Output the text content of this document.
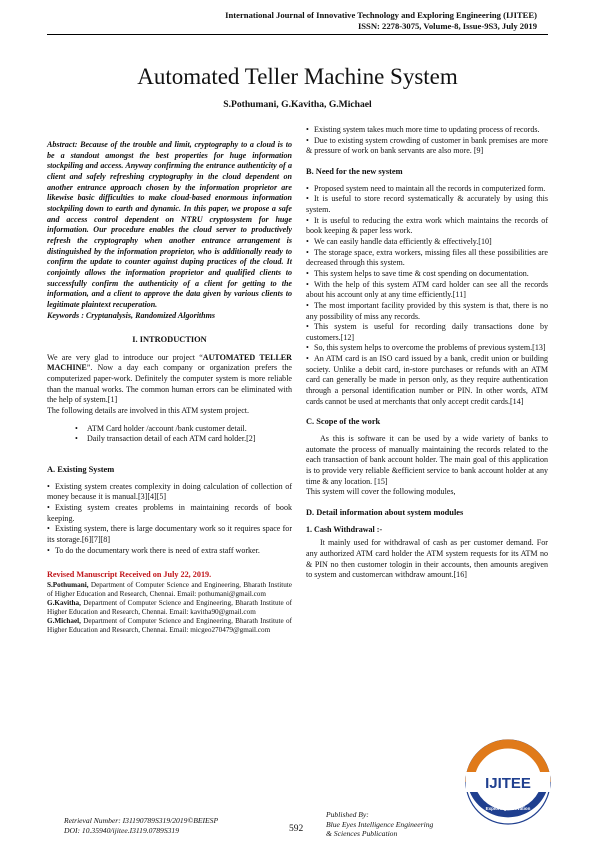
International Journal of Innovative Technology and Exploring Engineering (IJITEE)
ISSN: 2278-3075, Volume-8, Issue-9S3, July 2019
Automated Teller Machine System
S.Pothumani, G.Kavitha, G.Michael

Abstract: Because of the trouble and limit, cryptography to a cloud is to be a standout amongst the best properties for huge information stockpiling and access. Anyway confirming the entrance authenticity of a client and safely refreshing cryptography in the cloud dependent on another entrance approach chosen by the information proprietor are likewise basic difficulties to make cloud-based enormous information stockpiling down to earth and dynamic. In this paper, we propose a safe and access control dependent on NTRU cryptosystem for huge information. Our procedure enables the cloud server to productively refresh the cryptography when another entrance arrangement is distinguished by the information proprietor, who is additionally ready to confirm the update to counter against duping practices of the cloud. It conjointly allows the information proprietor and qualified clients to successfully confirm the authenticity of a client for getting to the information, and a client to approve the data given by various clients to legitimate plaintext recuperation.

Keywords : Cryptanalysis, Randomized Algorithms

I. INTRODUCTION

We are very glad to introduce our project “AUTOMATED TELLER MACHINE”. Now a day each company or organization prefers the computerized paper-work. Definitely the computer system is more reliable than the manual works. The common human errors can be eliminated with the help of system.[1]

The following details are involved in this ATM system project.

• ATM Card holder /account /bank customer detail.
• Daily transaction detail of each ATM card holder.[2]
A. Existing System

• Existing system creates complexity in doing calculation of collection of money because it is manual.[3][4][5]

• Existing system creates problems in maintaining records of book keeping.

• Existing system, there is large documentary work so it requires space for its storage.[6][7][8]

• To do the documentary work there is need of extra staff worker.

Revised Manuscript Received on July 22, 2019.

S.Pothumani, Department of Computer Science and Engineering, Bharath Institute of Higher Education and Research, Chennai. Email: pothumani@gmail.com

G.Kavitha, Department of Computer Science and Engineering, Bharath Institute of Higher Education and Research, Chennai. Email: kavitha90@gmail.com

G.Michael, Department of Computer Science and Engineering, Bharath Institute of Higher Education and Research, Chennai. Email: micgeo270479@gmail.com

• Existing system takes much more time to updating process of records.

• Due to existing system crowding of customer in bank premises are more & pressure of work on bank servants are also more. [9]

B. Need for the new system

• Proposed system need to maintain all the records in computerized form.

• It is useful to store record systematically & accurately by using this system.

• It is useful to reducing the extra work which maintains the records of book keeping & paper less work.

• We can easily handle data efficiently & effectively.[10]

• The storage space, extra workers, missing files all these possibilities are decreased through this system.

• This system helps to save time & cost spending on documentation.

• With the help of this system ATM card holder can see all the records about his account only at any time efficiently.[11]

• The most important facility provided by this system is that, there is no any possibility of miss any records.

• This system is useful for recording daily transactions done by customers.[12]

• So, this system helps to overcome the problems of previous system.[13]

• An ATM card is an ISO card issued by a bank, credit union or building society. Unlike a debit card, in-store purchases or refunds with an ATM card can generally be made in person only, as they require authentication through a personal identification number or PIN. In other words, ATM cards cannot be used at merchants that only accept credit cards.[14]

C. Scope of the work

As this is software it can be used by a wide variety of banks to automate the process of manually maintaining the records related to the each transaction of bank account holder. The main goal of this application is to provide very reliable &efficient service to bank account holder at any time & any location. [15]

This system will cover the following modules,

D. Detail information about system modules

1. Cash Withdrawal :-

It mainly used for withdrawal of cash as per customer demand. For any authorized ATM card holder the ATM system requests for its ATM no & PIN no then customer tologin in their accounts, then amounts aregiven to system and customercan withdraw amount.[16]

Retrieval Number: I31190789S319/2019©BEIESP
DOI: 10.35940/ijitee.I3119.0789S319	592
Published By:
Blue Eyes Intelligence Engineering
& Sciences Publication
IJITEE
Exploring Innovation
